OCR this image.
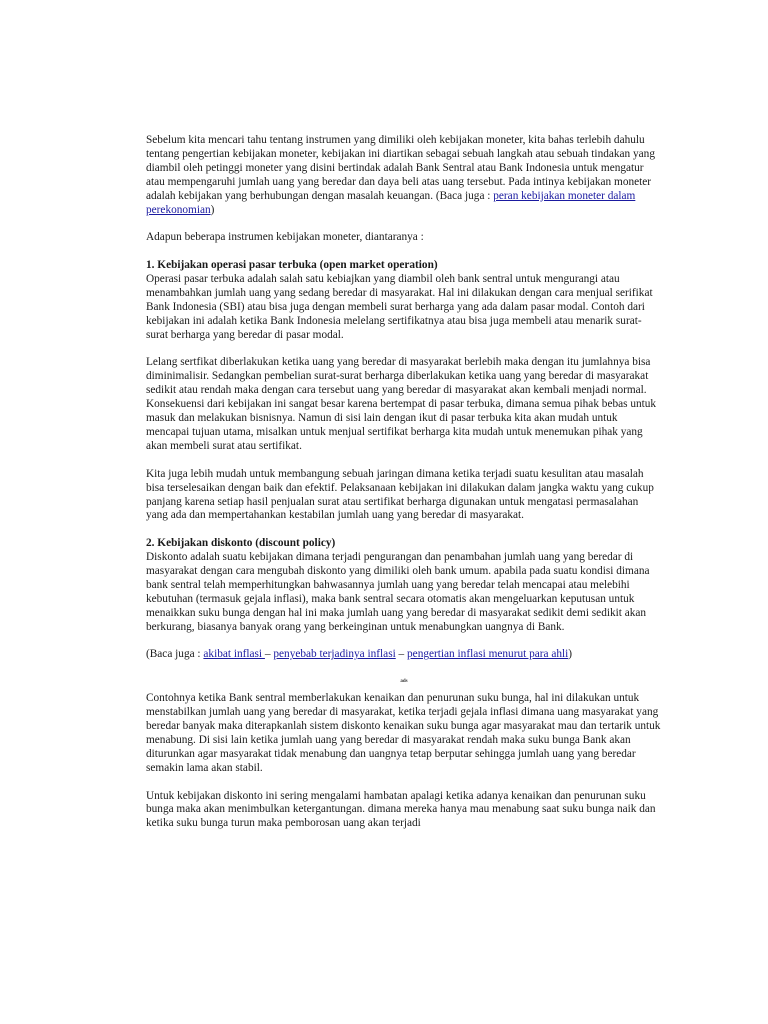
Sebelum kita mencari tahu tentang instrumen yang dimiliki oleh kebijakan moneter, kita bahas terlebih dahulu tentang pengertian kebijakan moneter, kebijakan ini diartikan sebagai sebuah langkah atau sebuah tindakan yang diambil oleh petinggi moneter yang disini bertindak adalah Bank Sentral atau Bank Indonesia untuk mengatur atau mempengaruhi jumlah uang yang beredar dan daya beli atas uang tersebut. Pada intinya kebijakan moneter adalah kebijakan yang berhubungan dengan masalah keuangan. (Baca juga : peran kebijakan moneter dalam perekonomian)

Adapun beberapa instrumen kebijakan moneter, diantaranya :

1. Kebijakan operasi pasar terbuka (open market operation)

Operasi pasar terbuka adalah salah satu kebiajkan yang diambil oleh bank sentral untuk mengurangi atau menambahkan jumlah uang yang sedang beredar di masyarakat. Hal ini dilakukan dengan cara menjual serifikat Bank Indonesia (SBI) atau bisa juga dengan membeli surat berharga yang ada dalam pasar modal. Contoh dari kebijakan ini adalah ketika Bank Indonesia melelang sertifikatnya atau bisa juga membeli atau menarik surat-surat berharga yang beredar di pasar modal.

Lelang sertfikat diberlakukan ketika uang yang beredar di masyarakat berlebih maka dengan itu jumlahnya bisa diminimalisir. Sedangkan pembelian surat-surat berharga diberlakukan ketika uang yang beredar di masyarakat sedikit atau rendah maka dengan cara tersebut uang yang beredar di masyarakat akan kembali menjadi normal. Konsekuensi dari kebijakan ini sangat besar karena bertempat di pasar terbuka, dimana semua pihak bebas untuk masuk dan melakukan bisnisnya. Namun di sisi lain dengan ikut di pasar terbuka kita akan mudah untuk mencapai tujuan utama, misalkan untuk menjual sertifikat berharga kita mudah untuk menemukan pihak yang akan membeli surat atau sertifikat.

Kita juga lebih mudah untuk membangung sebuah jaringan dimana ketika terjadi suatu kesulitan atau masalah bisa terselesaikan dengan baik dan efektif. Pelaksanaan kebijakan ini dilakukan dalam jangka waktu yang cukup panjang karena setiap hasil penjualan surat atau sertifikat berharga digunakan untuk mengatasi permasalahan yang ada dan mempertahankan kestabilan jumlah uang yang beredar di masyarakat.

2. Kebijakan diskonto (discount policy)

Diskonto adalah suatu kebijakan dimana terjadi pengurangan dan penambahan jumlah uang yang beredar di masyarakat dengan cara mengubah diskonto yang dimiliki oleh bank umum. apabila pada suatu kondisi dimana bank sentral telah memperhitungkan bahwasannya jumlah uang yang beredar telah mencapai atau melebihi kebutuhan (termasuk gejala inflasi), maka bank sentral secara otomatis akan mengeluarkan keputusan untuk menaikkan suku bunga dengan hal ini maka jumlah uang yang beredar di masyarakat sedikit demi sedikit akan berkurang, biasanya banyak orang yang berkeinginan untuk menabungkan uangnya di Bank.

(Baca juga : akibat inflasi – penyebab terjadinya inflasi – pengertian inflasi menurut para ahli)

ads

Contohnya ketika Bank sentral memberlakukan kenaikan dan penurunan suku bunga, hal ini dilakukan untuk menstabilkan jumlah uang yang beredar di masyarakat, ketika terjadi gejala inflasi dimana uang masyarakat yang beredar banyak maka diterapkanlah sistem diskonto kenaikan suku bunga agar masyarakat mau dan tertarik untuk menabung. Di sisi lain ketika jumlah uang yang beredar di masyarakat rendah maka suku bunga Bank akan diturunkan agar masyarakat tidak menabung dan uangnya tetap berputar sehingga jumlah uang yang beredar semakin lama akan stabil.

Untuk kebijakan diskonto ini sering mengalami hambatan apalagi ketika adanya kenaikan dan penurunan suku bunga maka akan menimbulkan ketergantungan. dimana mereka hanya mau menabung saat suku bunga naik dan ketika suku bunga turun maka pemborosan uang akan terjadi
